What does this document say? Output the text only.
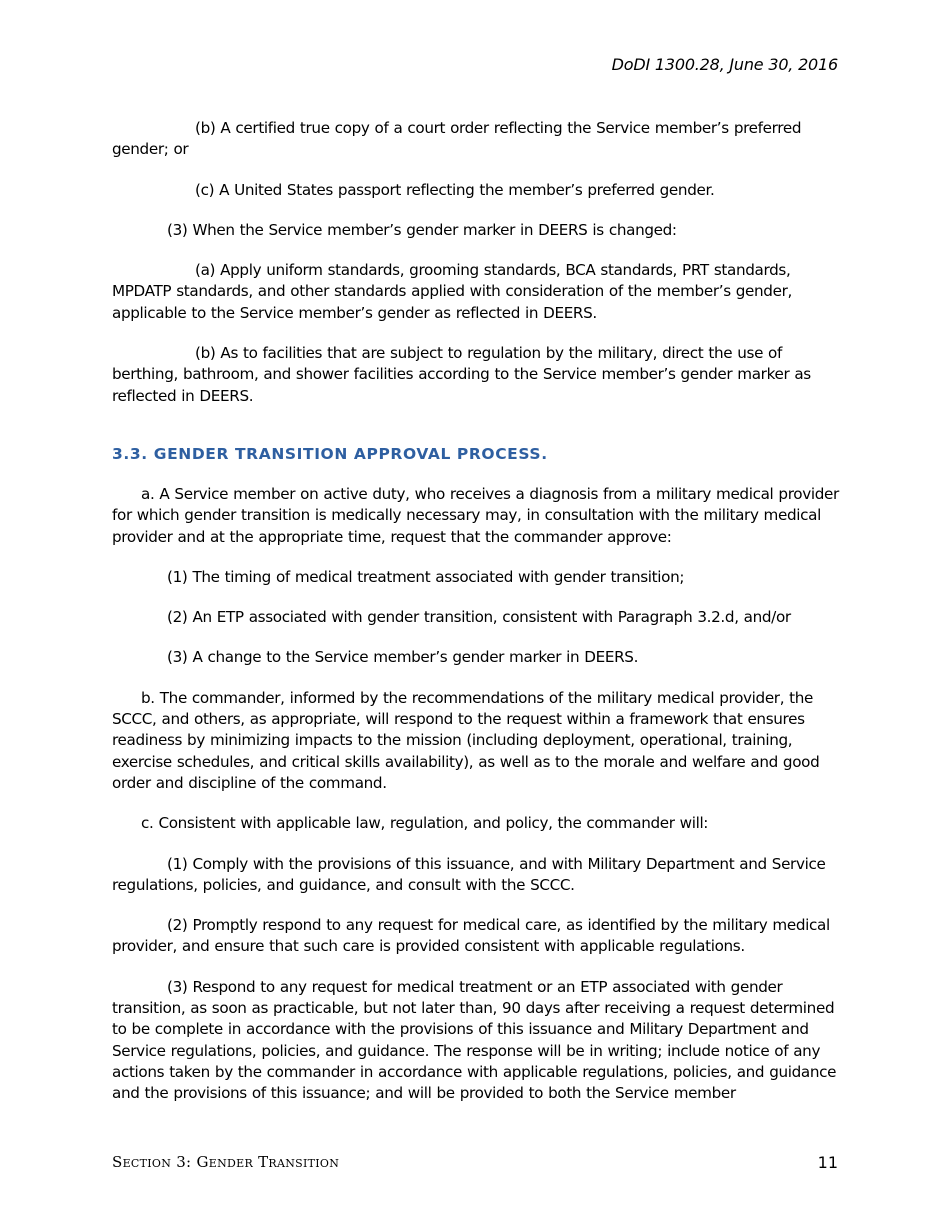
DoDI 1300.28, June 30, 2016

(b) A certified true copy of a court order reflecting the Service member’s preferred gender; or

(c) A United States passport reflecting the member’s preferred gender.

(3) When the Service member’s gender marker in DEERS is changed:

(a) Apply uniform standards, grooming standards, BCA standards, PRT standards, MPDATP standards, and other standards applied with consideration of the member’s gender, applicable to the Service member’s gender as reflected in DEERS.

(b) As to facilities that are subject to regulation by the military, direct the use of berthing, bathroom, and shower facilities according to the Service member’s gender marker as reflected in DEERS.

3.3. GENDER TRANSITION APPROVAL PROCESS.

a. A Service member on active duty, who receives a diagnosis from a military medical provider for which gender transition is medically necessary may, in consultation with the military medical provider and at the appropriate time, request that the commander approve:

(1) The timing of medical treatment associated with gender transition;

(2) An ETP associated with gender transition, consistent with Paragraph 3.2.d, and/or

(3) A change to the Service member’s gender marker in DEERS.

b. The commander, informed by the recommendations of the military medical provider, the SCCC, and others, as appropriate, will respond to the request within a framework that ensures readiness by minimizing impacts to the mission (including deployment, operational, training, exercise schedules, and critical skills availability), as well as to the morale and welfare and good order and discipline of the command.

c. Consistent with applicable law, regulation, and policy, the commander will:

(1) Comply with the provisions of this issuance, and with Military Department and Service regulations, policies, and guidance, and consult with the SCCC.

(2) Promptly respond to any request for medical care, as identified by the military medical provider, and ensure that such care is provided consistent with applicable regulations.

(3) Respond to any request for medical treatment or an ETP associated with gender transition, as soon as practicable, but not later than, 90 days after receiving a request determined to be complete in accordance with the provisions of this issuance and Military Department and Service regulations, policies, and guidance. The response will be in writing; include notice of any actions taken by the commander in accordance with applicable regulations, policies, and guidance and the provisions of this issuance; and will be provided to both the Service member

Section 3: Gender Transition	11
